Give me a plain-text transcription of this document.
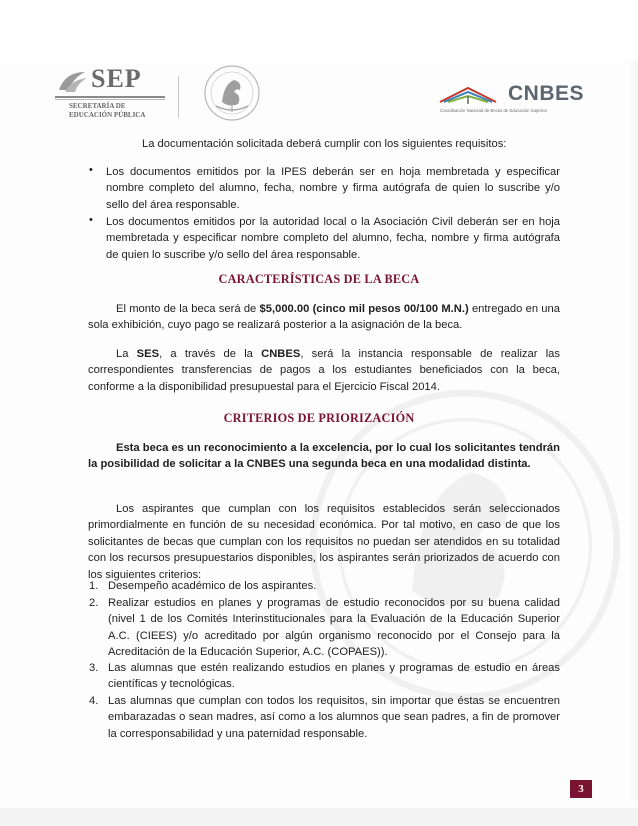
SEP
SECRETARÍA DE
EDUCACIÓN PÚBLICA
CNBES
Coordinación Nacional de Becas de Educación Superior

La documentación solicitada deberá cumplir con los siguientes requisitos:

•	Los documentos emitidos por la IPES deberán ser en hoja membretada y especificar nombre completo del alumno, fecha, nombre y firma autógrafa de quien lo suscribe y/o sello del área responsable.

•	Los documentos emitidos por la autoridad local o la Asociación Civil deberán ser en hoja membretada y especificar nombre completo del alumno, fecha, nombre y firma autógrafa de quien lo suscribe y/o sello del área responsable.

CARACTERÍSTICAS DE LA BECA

El monto de la beca será de $5,000.00 (cinco mil pesos 00/100 M.N.) entregado en una sola exhibición, cuyo pago se realizará posterior a la asignación de la beca.

La SES, a través de la CNBES, será la instancia responsable de realizar las correspondientes transferencias de pagos a los estudiantes beneficiados con la beca, conforme a la disponibilidad presupuestal para el Ejercicio Fiscal 2014.

CRITERIOS DE PRIORIZACIÓN

Esta beca es un reconocimiento a la excelencia, por lo cual los solicitantes tendrán la posibilidad de solicitar a la CNBES una segunda beca en una modalidad distinta.

Los aspirantes que cumplan con los requisitos establecidos serán seleccionados primordialmente en función de su necesidad económica. Por tal motivo, en caso de que los solicitantes de becas que cumplan con los requisitos no puedan ser atendidos en su totalidad con los recursos presupuestarios disponibles, los aspirantes serán priorizados de acuerdo con los siguientes criterios:

1. Desempeño académico de los aspirantes.

2. Realizar estudios en planes y programas de estudio reconocidos por su buena calidad (nivel 1 de los Comités Interinstitucionales para la Evaluación de la Educación Superior A.C. (CIEES) y/o acreditado por algún organismo reconocido por el Consejo para la Acreditación de la Educación Superior, A.C. (COPAES)).

3. Las alumnas que estén realizando estudios en planes y programas de estudio en áreas científicas y tecnológicas.

4. Las alumnas que cumplan con todos los requisitos, sin importar que éstas se encuentren embarazadas o sean madres, así como a los alumnos que sean padres, a fin de promover la corresponsabilidad y una paternidad responsable.

3
